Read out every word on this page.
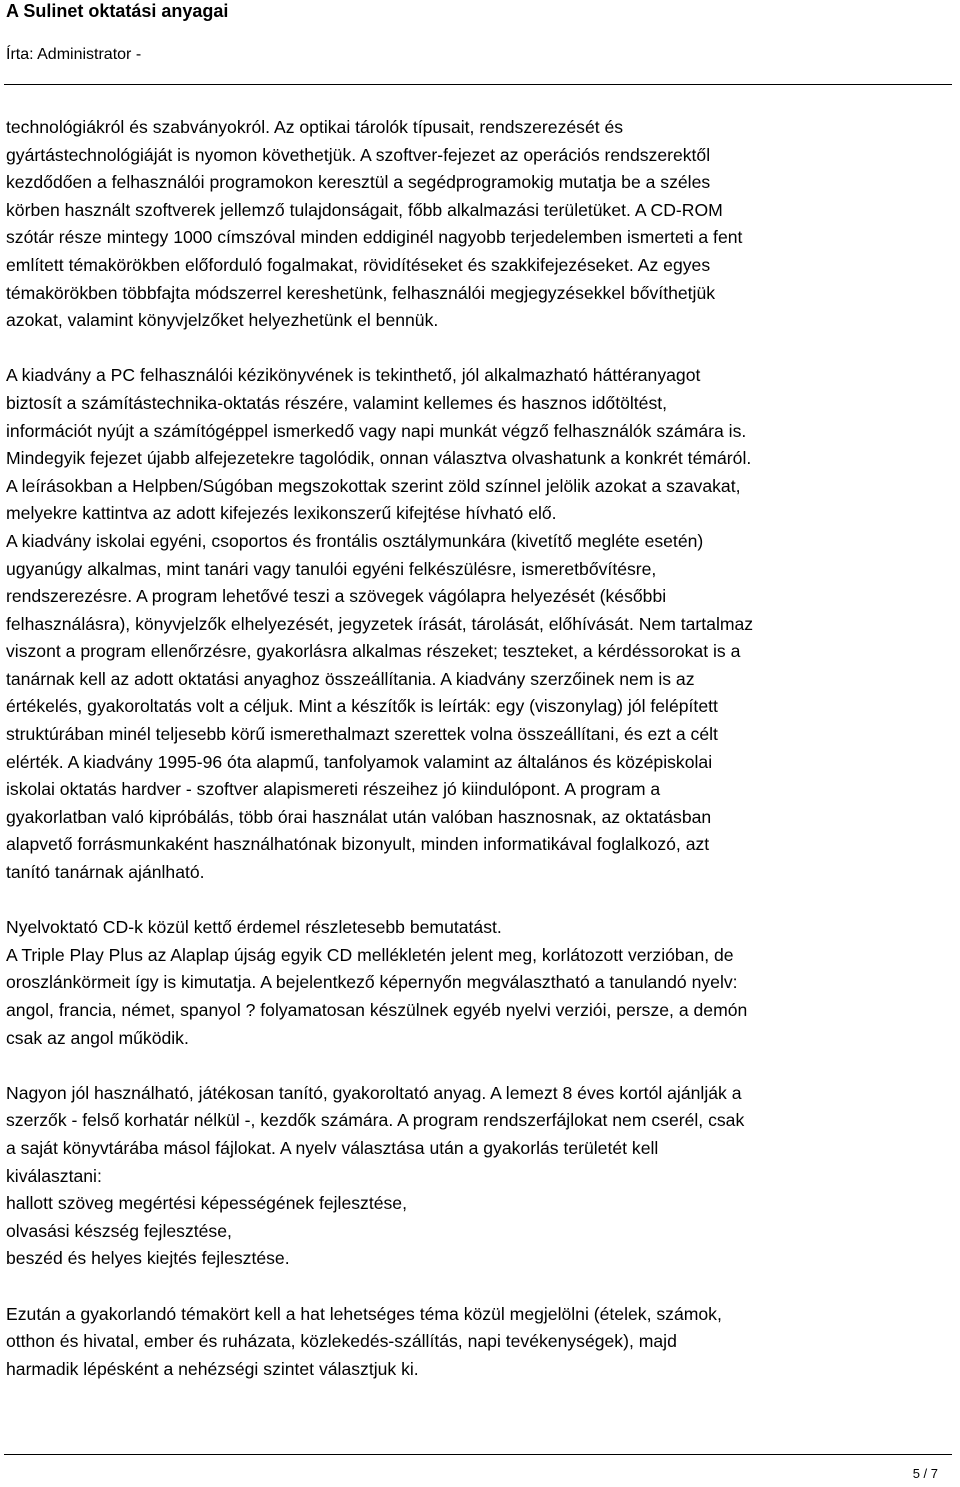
A Sulinet oktatási anyagai
Írta: Administrator -

technológiákról és szabványokról. Az optikai tárolók típusait, rendszerezését és
gyártástechnológiáját is nyomon követhetjük. A szoftver-fejezet az operációs rendszerektől
kezdődően a felhasználói programokon keresztül a segédprogramokig mutatja be a széles
körben használt szoftverek jellemző tulajdonságait, főbb alkalmazási területüket. A CD-ROM
szótár része mintegy 1000 címszóval minden eddiginél nagyobb terjedelemben ismerteti a fent
említett témakörökben előforduló fogalmakat, rövidítéseket és szakkifejezéseket. Az egyes
témakörökben többfajta módszerrel kereshetünk, felhasználói megjegyzésekkel bővíthetjük
azokat, valamint könyvjelzőket helyezhetünk el bennük.

A kiadvány a PC felhasználói kézikönyvének is tekinthető, jól alkalmazható háttéranyagot
biztosít a számítástechnika-oktatás részére, valamint kellemes és hasznos időtöltést,
információt nyújt a számítógéppel ismerkedő vagy napi munkát végző felhasználók számára is.
Mindegyik fejezet újabb alfejezetekre tagolódik, onnan választva olvashatunk a konkrét témáról.
A leírásokban a Helpben/Súgóban megszokottak szerint zöld színnel jelölik azokat a szavakat,
melyekre kattintva az adott kifejezés lexikonszerű kifejtése hívható elő.
A kiadvány iskolai egyéni, csoportos és frontális osztálymunkára (kivetítő megléte esetén)
ugyanúgy alkalmas, mint tanári vagy tanulói egyéni felkészülésre, ismeretbővítésre,
rendszerezésre. A program lehetővé teszi a szövegek vágólapra helyezését (későbbi
felhasználásra), könyvjelzők elhelyezését, jegyzetek írását, tárolását, előhívását. Nem tartalmaz
viszont a program ellenőrzésre, gyakorlásra alkalmas részeket; teszteket, a kérdéssorokat is a
tanárnak kell az adott oktatási anyaghoz összeállítania. A kiadvány szerzőinek nem is az
értékelés, gyakoroltatás volt a céljuk. Mint a készítők is leírták: egy (viszonylag) jól felépített
struktúrában minél teljesebb körű ismerethalmazt szerettek volna összeállítani, és ezt a célt
elérték. A kiadvány 1995-96 óta alapmű, tanfolyamok valamint az általános és középiskolai
iskolai oktatás hardver - szoftver alapismereti részeihez jó kiindulópont. A program a
gyakorlatban való kipróbálás, több órai használat után valóban hasznosnak, az oktatásban
alapvető forrásmunkaként használhatónak bizonyult, minden informatikával foglalkozó, azt
tanító tanárnak ajánlható.

Nyelvoktató CD-k közül kettő érdemel részletesebb bemutatást.
A Triple Play Plus az Alaplap újság egyik CD mellékletén jelent meg, korlátozott verzióban, de
oroszlánkörmeit így is kimutatja. A bejelentkező képernyőn megválasztható a tanulandó nyelv:
angol, francia, német, spanyol ? folyamatosan készülnek egyéb nyelvi verziói, persze, a demón
csak az angol működik.

Nagyon jól használható, játékosan tanító, gyakoroltató anyag. A lemezt 8 éves kortól ajánlják a
szerzők - felső korhatár nélkül -, kezdők számára. A program rendszerfájlokat nem cserél, csak
a saját könyvtárába másol fájlokat. A nyelv választása után a gyakorlás területét kell
kiválasztani:
hallott szöveg megértési képességének fejlesztése,
olvasási készség fejlesztése,
beszéd és helyes kiejtés fejlesztése.

Ezután a gyakorlandó témakört kell a hat lehetséges téma közül megjelölni (ételek, számok,
otthon és hivatal, ember és ruházata, közlekedés-szállítás, napi tevékenységek), majd
harmadik lépésként a nehézségi szintet választjuk ki.

5 / 7
